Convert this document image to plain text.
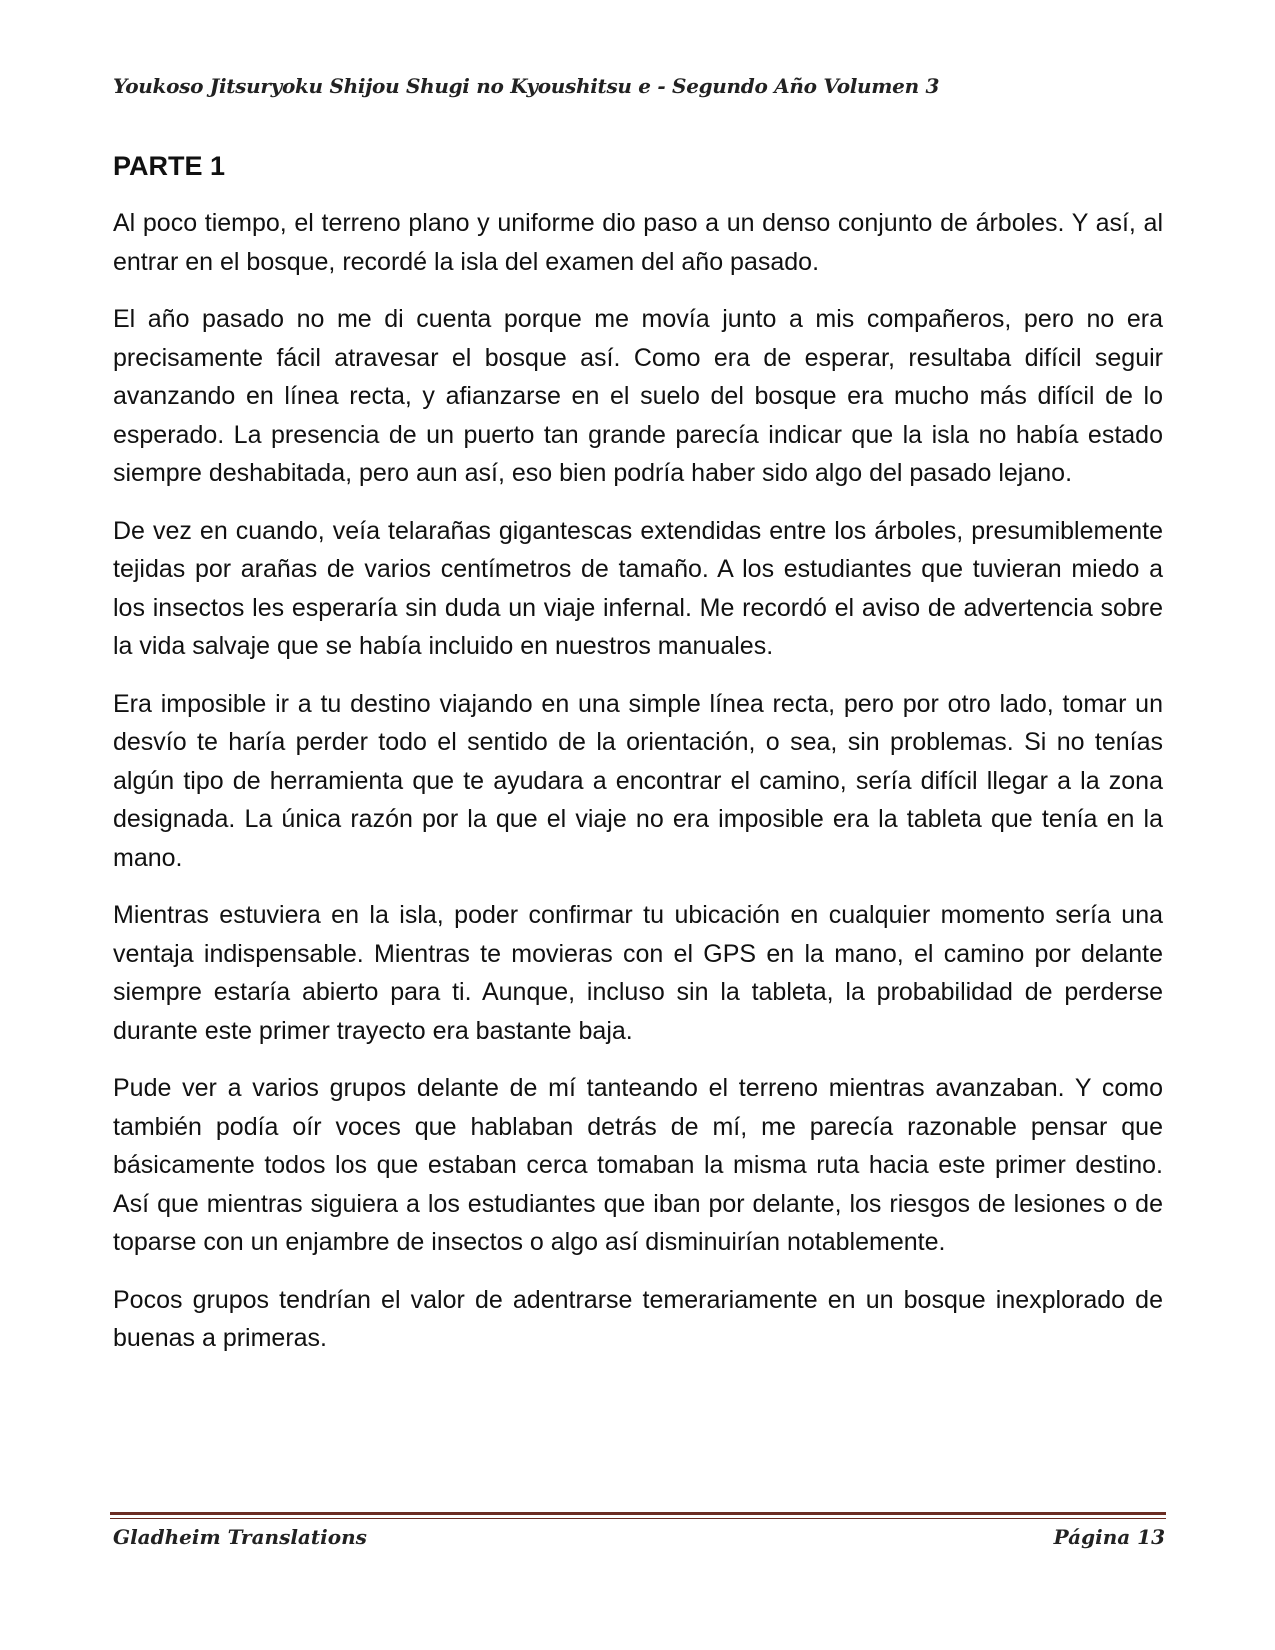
Youkoso Jitsuryoku Shijou Shugi no Kyoushitsu e - Segundo Año Volumen 3
PARTE 1

Al poco tiempo, el terreno plano y uniforme dio paso a un denso conjunto de árboles. Y así, al entrar en el bosque, recordé la isla del examen del año pasado.

El año pasado no me di cuenta porque me movía junto a mis compañeros, pero no era precisamente fácil atravesar el bosque así. Como era de esperar, resultaba difícil seguir avanzando en línea recta, y afianzarse en el suelo del bosque era mucho más difícil de lo esperado. La presencia de un puerto tan grande parecía indicar que la isla no había estado siempre deshabitada, pero aun así, eso bien podría haber sido algo del pasado lejano.

De vez en cuando, veía telarañas gigantescas extendidas entre los árboles, presumiblemente tejidas por arañas de varios centímetros de tamaño. A los estudiantes que tuvieran miedo a los insectos les esperaría sin duda un viaje infernal. Me recordó el aviso de advertencia sobre la vida salvaje que se había incluido en nuestros manuales.

Era imposible ir a tu destino viajando en una simple línea recta, pero por otro lado, tomar un desvío te haría perder todo el sentido de la orientación, o sea, sin problemas. Si no tenías algún tipo de herramienta que te ayudara a encontrar el camino, sería difícil llegar a la zona designada. La única razón por la que el viaje no era imposible era la tableta que tenía en la mano.

Mientras estuviera en la isla, poder confirmar tu ubicación en cualquier momento sería una ventaja indispensable. Mientras te movieras con el GPS en la mano, el camino por delante siempre estaría abierto para ti. Aunque, incluso sin la tableta, la probabilidad de perderse durante este primer trayecto era bastante baja.

Pude ver a varios grupos delante de mí tanteando el terreno mientras avanzaban. Y como también podía oír voces que hablaban detrás de mí, me parecía razonable pensar que básicamente todos los que estaban cerca tomaban la misma ruta hacia este primer destino. Así que mientras siguiera a los estudiantes que iban por delante, los riesgos de lesiones o de toparse con un enjambre de insectos o algo así disminuirían notablemente.

Pocos grupos tendrían el valor de adentrarse temerariamente en un bosque inexplorado de buenas a primeras.

Gladheim Translations	Página 13
